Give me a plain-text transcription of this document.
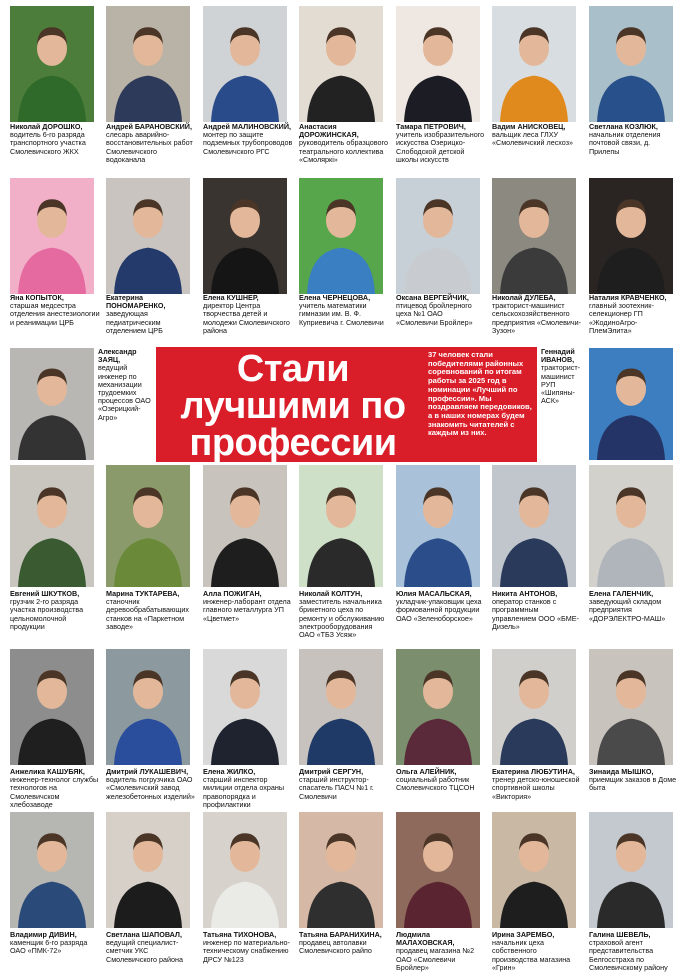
Стали лучшими по профессии
37 человек стали победителями районных соревнований по итогам работы за 2025 год в номинации «Лучший по профессии». Мы поздравляем передовиков, а в наших номерах будем знакомить читателей с каждым из них.
Николай ДОРОШКО,
водитель 6-го разряда транспортного участка Смолевичского ЖКХ
Андрей БАРАНОВСКИЙ,
слесарь аварийно-восстановительных работ Смолевичского водоканала
Андрей МАЛИНОВСКИЙ,
монтер по защите подземных трубопроводов Смолевичского РГС
Анастасия ДОРОЖИНСКАЯ,
руководитель образцового театрального коллектива «Смоляркі»
Тамара ПЕТРОВИЧ,
учитель изобразительного искусства Озерицко-Слободской детской школы искусств
Вадим АНИСКОВЕЦ,
вальщик леса ГЛХУ «Смолевичский лесхоз»
Светлана КОЗЛЮК,
начальник отделения почтовой связи, д. Прилепы
Яна КОПЫТОК,
старшая медсестра отделения анестезиологии и реанимации ЦРБ
Екатерина ПОНОМАРЕНКО,
заведующая педиатрическим отделением ЦРБ
Елена КУШНЕР,
директор Центра творчества детей и молодежи Смолевичского района
Елена ЧЕРНЕЦОВА,
учитель математики гимназии им. В. Ф. Куприевича г. Смолевичи
Оксана ВЕРГЕЙЧИК,
птицевод бройлерного цеха №1 ОАО «Смолевичи Бройлер»
Николай ДУЛЕБА,
тракторист-машинист сельскохозяйственного предприятия «Смолевичи-Зузон»
Наталия КРАВЧЕНКО,
главный зоотехник-селекционер ГП «ЖодиноАгро-ПлемЭлита»
Александр ЗАЯЦ,
ведущий инженер по механизации трудоемких процессов ОАО «Озерицкий-Агро»
Геннадий ИВАНОВ,
тракторист-машинист РУП «Шипяны-АСК»
Евгений ШКУТКОВ,
грузчик 2-го разряда участка производства цельномолочной продукции
Марина ТУКТАРЕВА,
станочник деревообрабатывающих станков на «Паркетном заводе»
Алла ПОЖИГАН,
инженер-лаборант отдела главного металлурга УП «Цветмет»
Николай КОЛТУН,
заместитель начальника брикетного цеха по ремонту и обслуживанию электрооборудования ОАО «ТБЗ Усяж»
Юлия МАСАЛЬСКАЯ,
укладчик-упаковщик цеха формованной продукции ОАО «Зеленоборское»
Никита АНТОНОВ,
оператор станков с программным управлением ООО «БМЕ-Дизель»
Елена ГАЛЕНЧИК,
заведующий складом предприятия «ДОРЭЛЕКТРО-МАШ»
Анжелика КАШУБЯК,
инженер-технолог службы технологов на Смолевичском хлебозаводе
Дмитрий ЛУКАШЕВИЧ,
водитель погрузчика ОАО «Смолевичский завод железобетонных изделий»
Елена ЖИЛКО,
старший инспектор милиции отдела охраны правопорядка и профилактики
Дмитрий СЕРГУН,
старший инструктор-спасатель ПАСЧ №1 г. Смолевичи
Ольга АЛЕЙНИК,
социальный работник Смолевичского ТЦСОН
Екатерина ЛЮБУТИНА,
тренер детско-юношеской спортивной школы «Виктория»
Зинаида МЫШКО,
приемщик заказов в Доме быта
Владимир ДИВИН,
каменщик 6-го разряда ОАО «ПМК-72»
Светлана ШАПОВАЛ,
ведущий специалист-сметчик УКС Смолевичского района
Татьяна ТИХОНОВА,
инженер по материально-техническому снабжению ДРСУ №123
Татьяна БАРАНИХИНА,
продавец автолавки Смолевичского райпо
Людмила МАЛАХОВСКАЯ,
продавец магазина №2 ОАО «Смолевичи Бройлер»
Ирина ЗАРЕМБО,
начальник цеха собственного производства магазина «Грин»
Галина ШЕВЕЛЬ,
страховой агент представительства Белгосстраха по Смолевичскому району
